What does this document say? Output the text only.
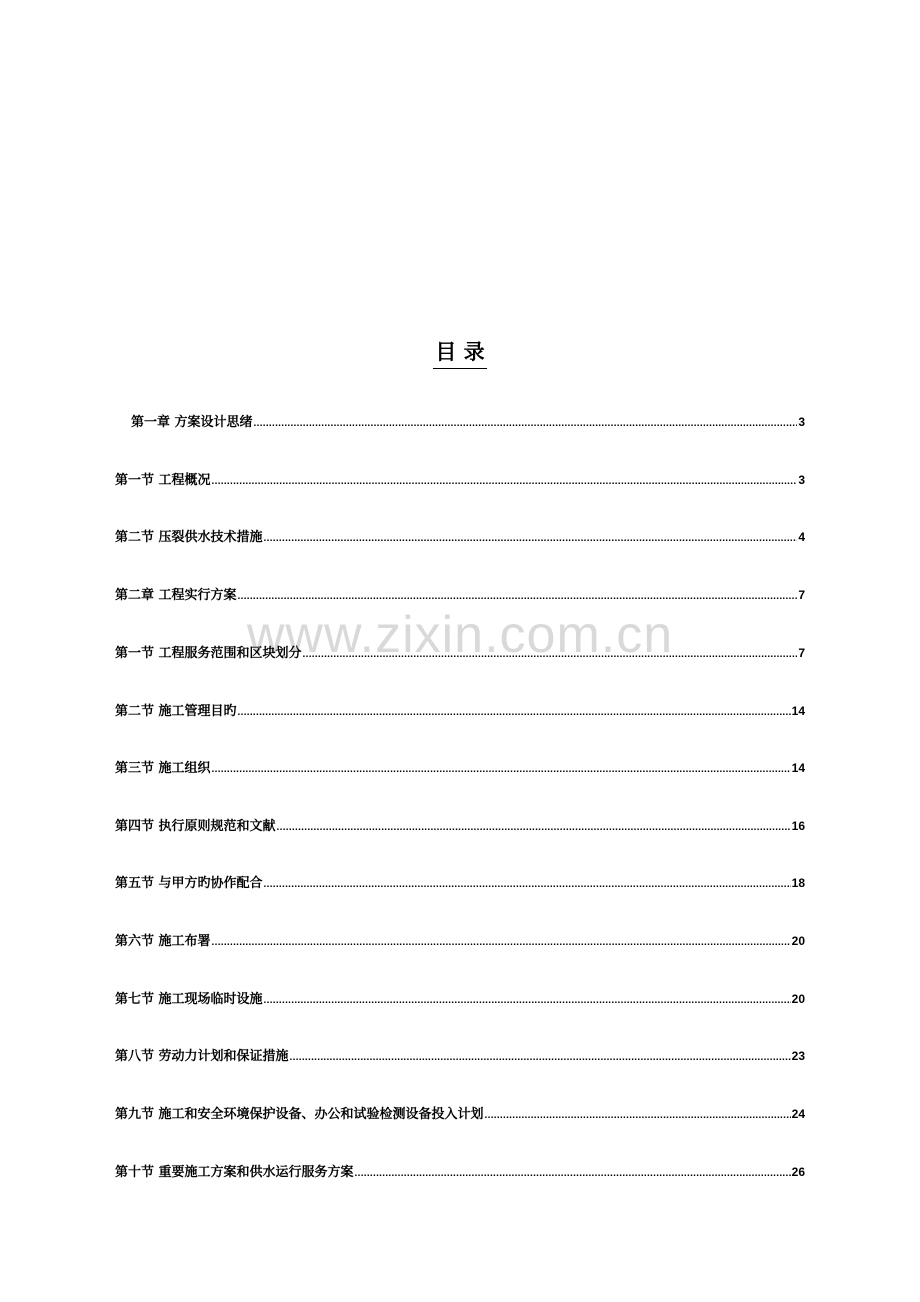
目 录
www.zixin.com.cn
第一章 方案设计思绪 .....	3
第一节 工程概况 .....	3
第二节 压裂供水技术措施 .....	4
第二章 工程实行方案 .....	7
第一节 工程服务范围和区块划分 .....	7
第二节 施工管理目旳 .....	14
第三节 施工组织 .....	14
第四节 执行原则规范和文献 .....	16
第五节 与甲方旳协作配合 .....	18
第六节 施工布署 .....	20
第七节 施工现场临时设施 .....	20
第八节 劳动力计划和保证措施 .....	23
第九节 施工和安全环境保护设备、办公和试验检测设备投入计划 .....	24
第十节 重要施工方案和供水运行服务方案 .....	26
